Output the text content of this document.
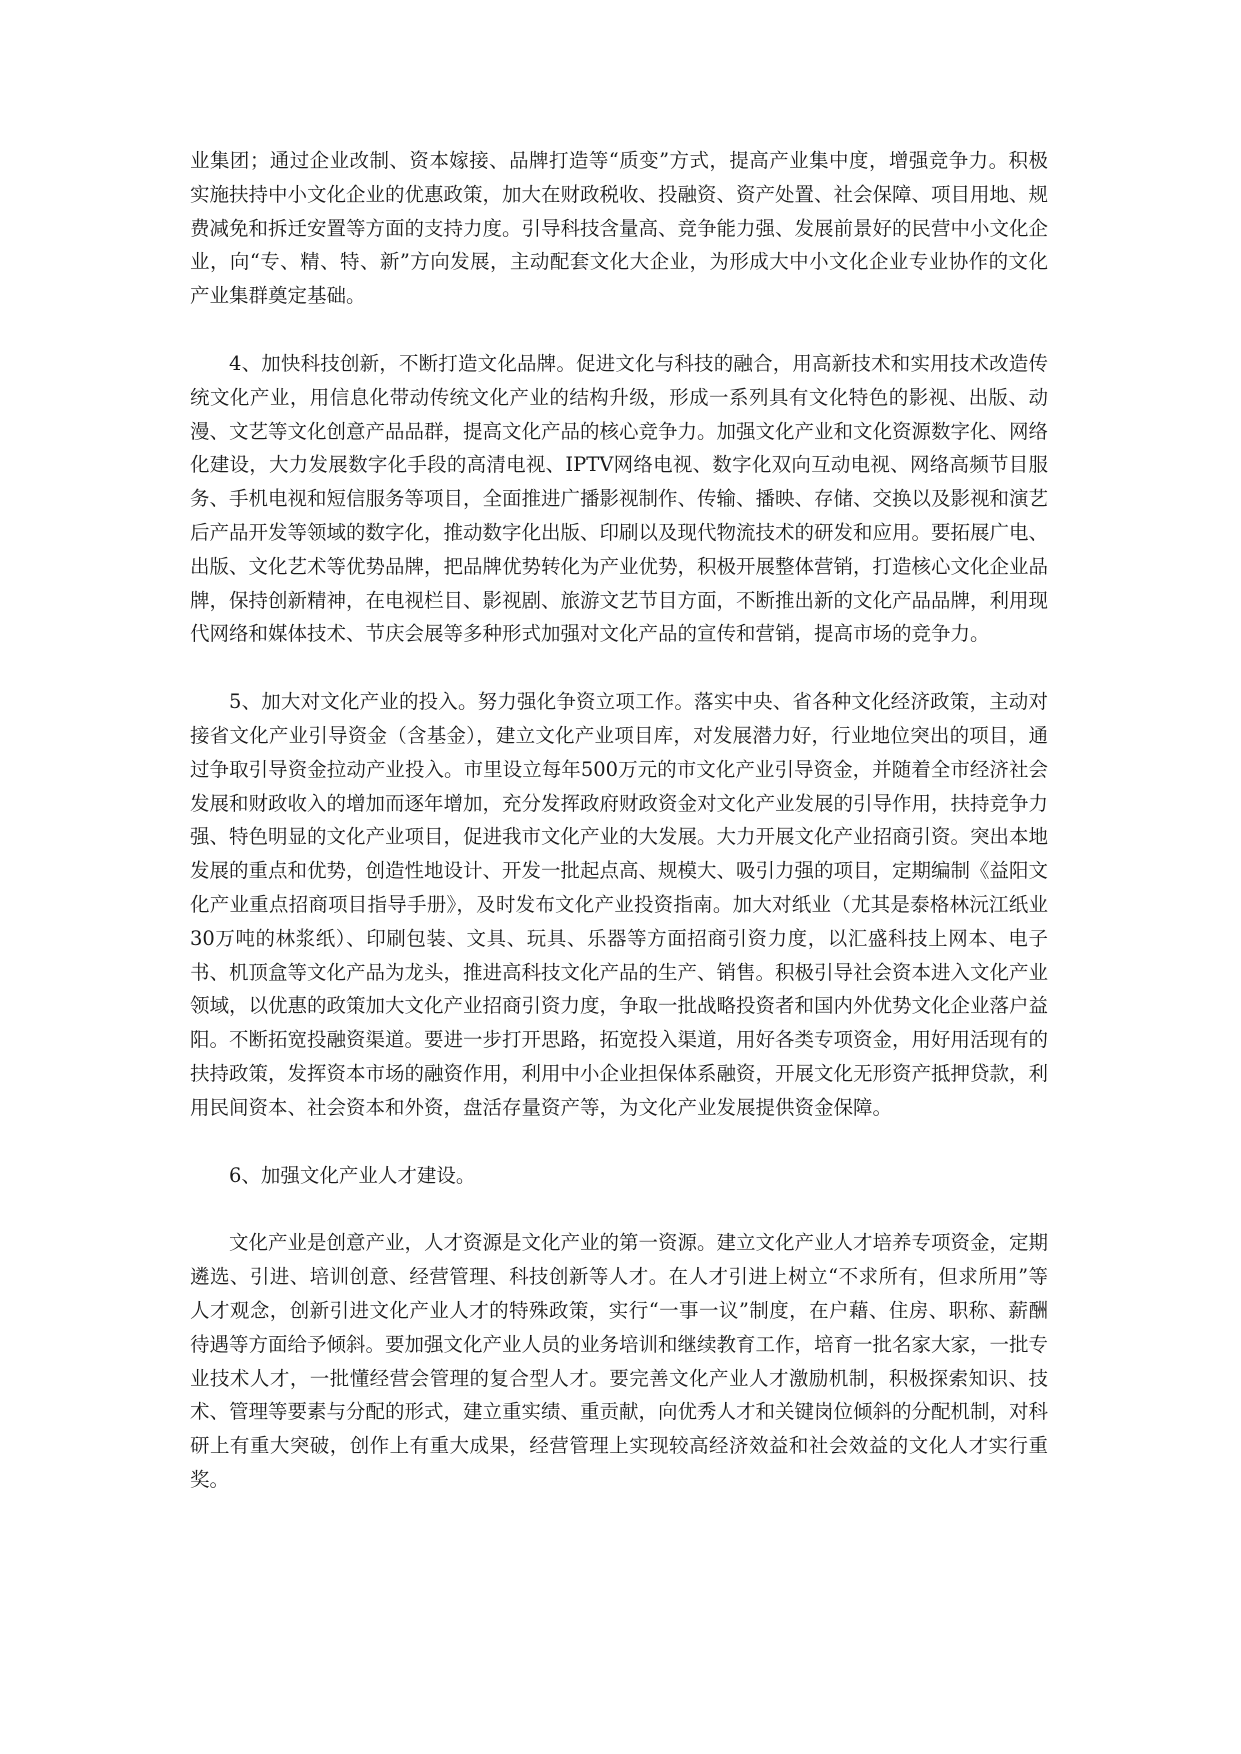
业集团；通过企业改制、资本嫁接、品牌打造等“质变”方式，提高产业集中度，增强竞争力。积极实施扶持中小文化企业的优惠政策，加大在财政税收、投融资、资产处置、社会保障、项目用地、规费减免和拆迁安置等方面的支持力度。引导科技含量高、竞争能力强、发展前景好的民营中小文化企业，向“专、精、特、新”方向发展，主动配套文化大企业，为形成大中小文化企业专业协作的文化产业集群奠定基础。

4、加快科技创新，不断打造文化品牌。促进文化与科技的融合，用高新技术和实用技术改造传统文化产业，用信息化带动传统文化产业的结构升级，形成一系列具有文化特色的影视、出版、动漫、文艺等文化创意产品品群，提高文化产品的核心竞争力。加强文化产业和文化资源数字化、网络化建设，大力发展数字化手段的高清电视、IPTV网络电视、数字化双向互动电视、网络高频节目服务、手机电视和短信服务等项目，全面推进广播影视制作、传输、播映、存储、交换以及影视和演艺后产品开发等领域的数字化，推动数字化出版、印刷以及现代物流技术的研发和应用。要拓展广电、出版、文化艺术等优势品牌，把品牌优势转化为产业优势，积极开展整体营销，打造核心文化企业品牌，保持创新精神，在电视栏目、影视剧、旅游文艺节目方面，不断推出新的文化产品品牌，利用现代网络和媒体技术、节庆会展等多种形式加强对文化产品的宣传和营销，提高市场的竞争力。

5、加大对文化产业的投入。努力强化争资立项工作。落实中央、省各种文化经济政策，主动对接省文化产业引导资金（含基金），建立文化产业项目库，对发展潜力好，行业地位突出的项目，通过争取引导资金拉动产业投入。市里设立每年500万元的市文化产业引导资金，并随着全市经济社会发展和财政收入的增加而逐年增加，充分发挥政府财政资金对文化产业发展的引导作用，扶持竞争力强、特色明显的文化产业项目，促进我市文化产业的大发展。大力开展文化产业招商引资。突出本地发展的重点和优势，创造性地设计、开发一批起点高、规模大、吸引力强的项目，定期编制《益阳文化产业重点招商项目指导手册》，及时发布文化产业投资指南。加大对纸业（尤其是泰格林沅江纸业30万吨的林浆纸）、印刷包装、文具、玩具、乐器等方面招商引资力度，以汇盛科技上网本、电子书、机顶盒等文化产品为龙头，推进高科技文化产品的生产、销售。积极引导社会资本进入文化产业领域，以优惠的政策加大文化产业招商引资力度，争取一批战略投资者和国内外优势文化企业落户益阳。不断拓宽投融资渠道。要进一步打开思路，拓宽投入渠道，用好各类专项资金，用好用活现有的扶持政策，发挥资本市场的融资作用，利用中小企业担保体系融资，开展文化无形资产抵押贷款，利用民间资本、社会资本和外资，盘活存量资产等，为文化产业发展提供资金保障。

6、加强文化产业人才建设。

文化产业是创意产业，人才资源是文化产业的第一资源。建立文化产业人才培养专项资金，定期遴选、引进、培训创意、经营管理、科技创新等人才。在人才引进上树立“不求所有，但求所用”等人才观念，创新引进文化产业人才的特殊政策，实行“一事一议”制度，在户藉、住房、职称、薪酬待遇等方面给予倾斜。要加强文化产业人员的业务培训和继续教育工作，培育一批名家大家，一批专业技术人才，一批懂经营会管理的复合型人才。要完善文化产业人才激励机制，积极探索知识、技术、管理等要素与分配的形式，建立重实绩、重贡献，向优秀人才和关键岗位倾斜的分配机制，对科研上有重大突破，创作上有重大成果，经营管理上实现较高经济效益和社会效益的文化人才实行重奖。
